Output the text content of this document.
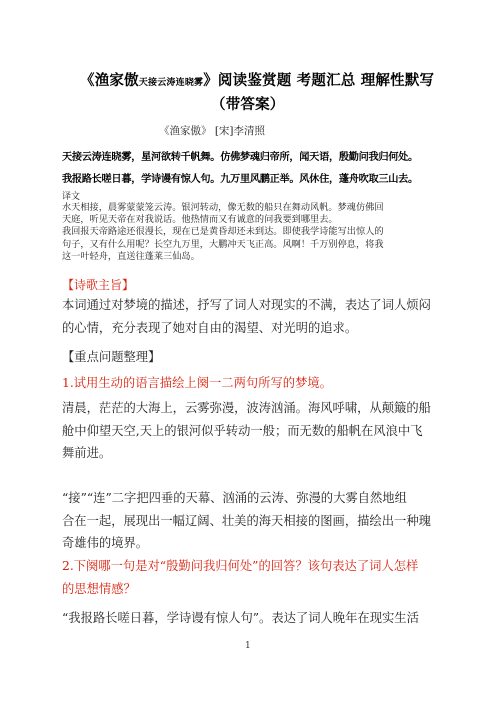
《渔家傲天接云涛连晓雾》阅读鉴赏题 考题汇总 理解性默写
（带答案）
《渔家傲》 [宋]李清照
天接云涛连晓雾，星河欲转千帆舞。仿佛梦魂归帝所，闻天语，殷勤问我归何处。
我报路长嗟日暮，学诗谩有惊人句。九万里风鹏正举。风休住，蓬舟吹取三山去。
译文
水天相接，晨雾蒙蒙笼云涛。银河转动，像无数的船只在舞动风帆。梦魂仿佛回
天庭，听见天帝在对我说话。他热情而又有诚意的问我要到哪里去。
我回报天帝路途还很漫长，现在已是黄昏却还未到达。即使我学诗能写出惊人的
句子，又有什么用呢？长空九万里，大鹏冲天飞正高。风啊！千万别停息，将我
这一叶轻舟，直送往蓬莱三仙岛。
【诗歌主旨】
本词通过对梦境的描述，抒写了词人对现实的不满，表达了词人烦闷
的心情，充分表现了她对自由的渴望、对光明的追求。
【重点问题整理】
1.试用生动的语言描绘上阕一二两句所写的梦境。
清晨，茫茫的大海上，云雾弥漫，波涛汹涌。海风呼啸，从颠簸的船
舱中仰望天空,天上的银河似乎转动一般；而无数的船帆在风浪中飞
舞前进。
“接”“连”二字把四垂的天幕、汹涌的云涛、弥漫的大雾自然地组
合在一起，展现出一幅辽阔、壮美的海天相接的图画，描绘出一种瑰
奇雄伟的境界。
2.下阕哪一句是对“殷勤问我归何处”的回答？该句表达了词人怎样
的思想情感？
“我报路长嗟日暮，学诗谩有惊人句”。表达了词人晚年在现实生活
1
